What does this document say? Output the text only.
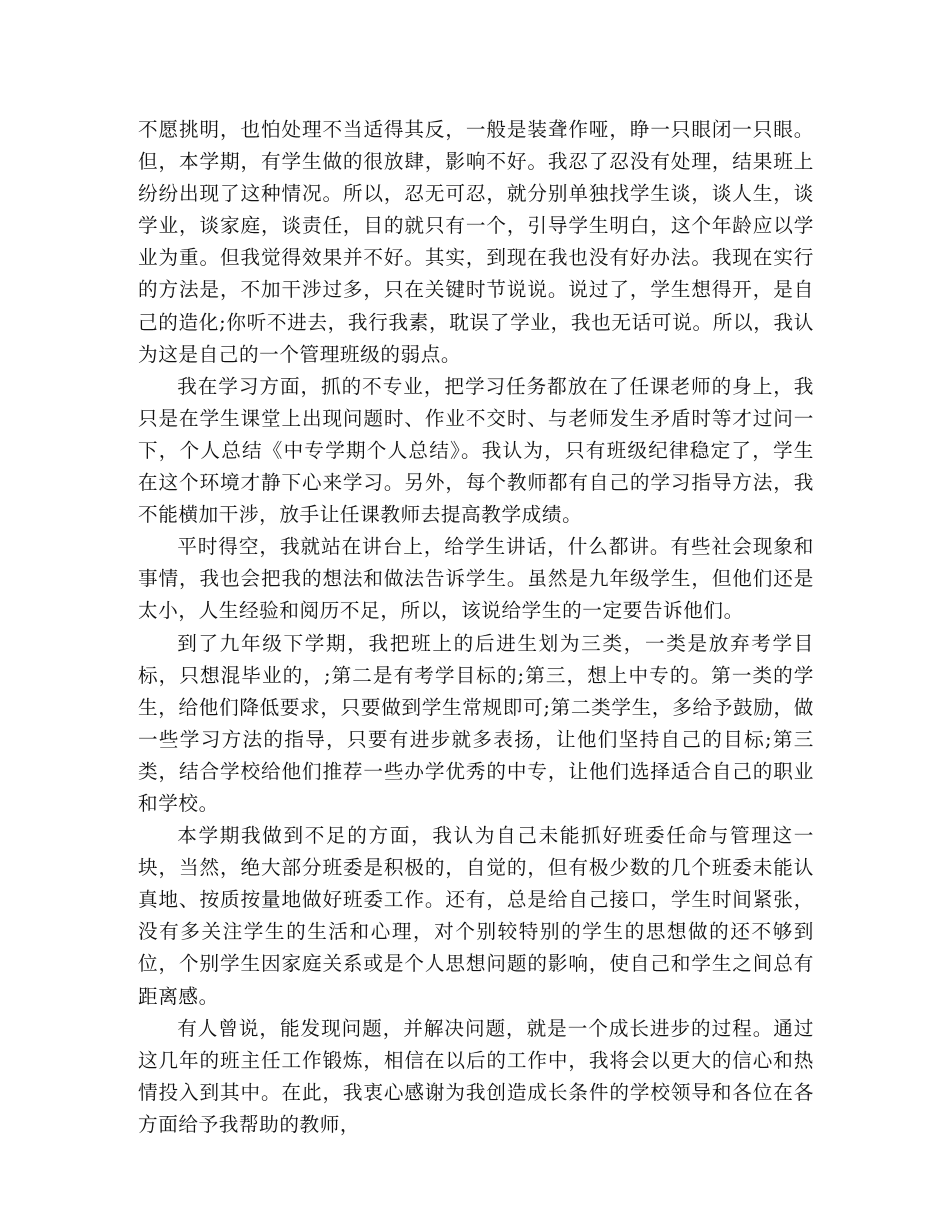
不愿挑明，也怕处理不当适得其反，一般是装聋作哑，睁一只眼闭一只眼。但，本学期，有学生做的很放肆，影响不好。我忍了忍没有处理，结果班上纷纷出现了这种情况。所以，忍无可忍，就分别单独找学生谈，谈人生，谈学业，谈家庭，谈责任，目的就只有一个，引导学生明白，这个年龄应以学业为重。但我觉得效果并不好。其实，到现在我也没有好办法。我现在实行的方法是，不加干涉过多，只在关键时节说说。说过了，学生想得开，是自己的造化;你听不进去，我行我素，耽误了学业，我也无话可说。所以，我认为这是自己的一个管理班级的弱点。

我在学习方面，抓的不专业，把学习任务都放在了任课老师的身上，我只是在学生课堂上出现问题时、作业不交时、与老师发生矛盾时等才过问一下，个人总结《中专学期个人总结》。我认为，只有班级纪律稳定了，学生在这个环境才静下心来学习。另外，每个教师都有自己的学习指导方法，我不能横加干涉，放手让任课教师去提高教学成绩。

平时得空，我就站在讲台上，给学生讲话，什么都讲。有些社会现象和事情，我也会把我的想法和做法告诉学生。虽然是九年级学生，但他们还是太小，人生经验和阅历不足，所以，该说给学生的一定要告诉他们。

到了九年级下学期，我把班上的后进生划为三类，一类是放弃考学目标，只想混毕业的，;第二是有考学目标的;第三，想上中专的。第一类的学生，给他们降低要求，只要做到学生常规即可;第二类学生，多给予鼓励，做一些学习方法的指导，只要有进步就多表扬，让他们坚持自己的目标;第三类，结合学校给他们推荐一些办学优秀的中专，让他们选择适合自己的职业和学校。

本学期我做到不足的方面，我认为自己未能抓好班委任命与管理这一块，当然，绝大部分班委是积极的，自觉的，但有极少数的几个班委未能认真地、按质按量地做好班委工作。还有，总是给自己接口，学生时间紧张，没有多关注学生的生活和心理，对个别较特别的学生的思想做的还不够到位，个别学生因家庭关系或是个人思想问题的影响，使自己和学生之间总有距离感。

有人曾说，能发现问题，并解决问题，就是一个成长进步的过程。通过这几年的班主任工作锻炼，相信在以后的工作中，我将会以更大的信心和热情投入到其中。在此，我衷心感谢为我创造成长条件的学校领导和各位在各方面给予我帮助的教师，
